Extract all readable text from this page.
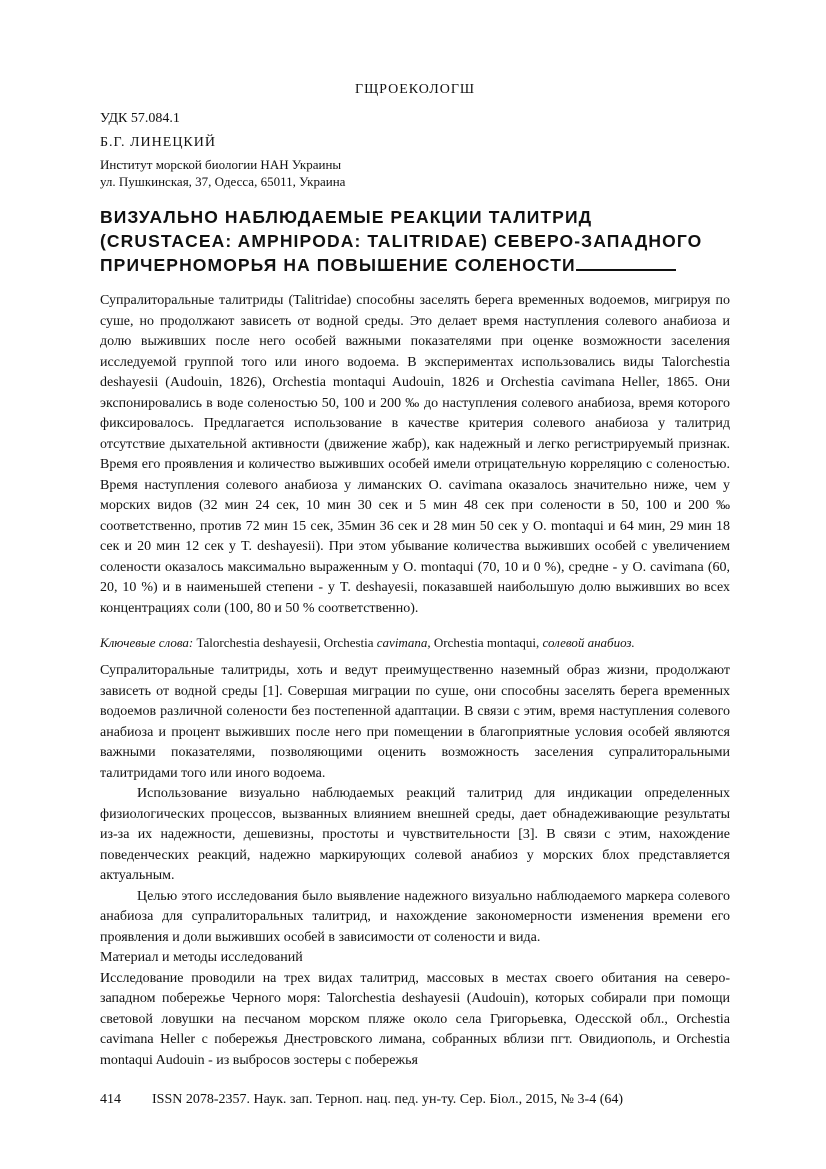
ГЩРОЕКОЛОГШ
УДК 57.084.1
Б.Г. ЛИНЕЦКИЙ
Институт морской биологии НАН Украины
ул. Пушкинская, 37, Одесса, 65011, Украина
ВИЗУАЛЬНО НАБЛЮДАЕМЫЕ РЕАКЦИИ ТАЛИТРИД
(CRUSTACEA: AMPHIPODA: TALITRIDAE) СЕВЕРО-ЗАПАДНОГО
ПРИЧЕРНОМОРЬЯ НА ПОВЫШЕНИЕ СОЛЕНОСТИ

Супралиторальные талитриды (Talitridae) способны заселять берега временных водоемов, мигрируя по суше, но продолжают зависеть от водной среды. Это делает время наступления солевого анабиоза и долю выживших после него особей важными показателями при оценке возможности заселения исследуемой группой того или иного водоема. В экспериментах использовались виды Talorchestia deshayesii (Audouin, 1826), Orchestia montaqui Audouin, 1826 и Orchestia cavimana Heller, 1865. Они экспонировались в воде соленостью 50, 100 и 200 ‰ до наступления солевого анабиоза, время которого фиксировалось. Предлагается использование в качестве критерия солевого анабиоза у талитрид отсутствие дыхательной активности (движение жабр), как надежный и легко регистрируемый признак. Время его проявления и количество выживших особей имели отрицательную корреляцию с соленостью. Время наступления солевого анабиоза у лиманских O. cavimana оказалось значительно ниже, чем у морских видов (32 мин 24 сек, 10 мин 30 сек и 5 мин 48 сек при солености в 50, 100 и 200 ‰ соответственно, против 72 мин 15 сек, 35мин 36 сек и 28 мин 50 сек у O. montaqui и 64 мин, 29 мин 18 сек и 20 мин 12 сек у T. deshayesii). При этом убывание количества выживших особей с увеличением солености оказалось максимально выраженным у O. montaqui (70, 10 и 0 %), средне - у O. cavimana (60, 20, 10 %) и в наименьшей степени - у T. deshayesii, показавшей наибольшую долю выживших во всех концентрациях соли (100, 80 и 50 % соответственно).

Ключевые слова: Talorchestia deshayesii, Orchestia cavimana, Orchestia montaqui, солевой анабиоз.

Супралиторальные талитриды, хоть и ведут преимущественно наземный образ жизни, продолжают зависеть от водной среды [1]. Совершая миграции по суше, они способны заселять берега временных водоемов различной солености без постепенной адаптации. В связи с этим, время наступления солевого анабиоза и процент выживших после него при помещении в благоприятные условия особей являются важными показателями, позволяющими оценить возможность заселения супралиторальными талитридами того или иного водоема.

Использование визуально наблюдаемых реакций талитрид для индикации определенных физиологических процессов, вызванных влиянием внешней среды, дает обнадеживающие результаты из-за их надежности, дешевизны, простоты и чувствительности [3]. В связи с этим, нахождение поведенческих реакций, надежно маркирующих солевой анабиоз у морских блох представляется актуальным.

Целью этого исследования было выявление надежного визуально наблюдаемого маркера солевого анабиоза для супралиторальных талитрид, и нахождение закономерности изменения времени его проявления и доли выживших особей в зависимости от солености и вида.

Материал и методы исследований

Исследование проводили на трех видах талитрид, массовых в местах своего обитания на северо-западном побережье Черного моря: Talorchestia deshayesii (Audouin), которых собирали при помощи световой ловушки на песчаном морском пляже около села Григорьевка, Одесской обл., Orchestia cavimana Heller с побережья Днестровского лимана, собранных вблизи пгт. Овидиополь, и Orchestia montaqui Audouin - из выбросов зостеры с побережья

414 ISSN 2078-2357. Наук. зап. Терноп. нац. пед. ун-ту. Сер. Біол., 2015, № 3-4 (64)
